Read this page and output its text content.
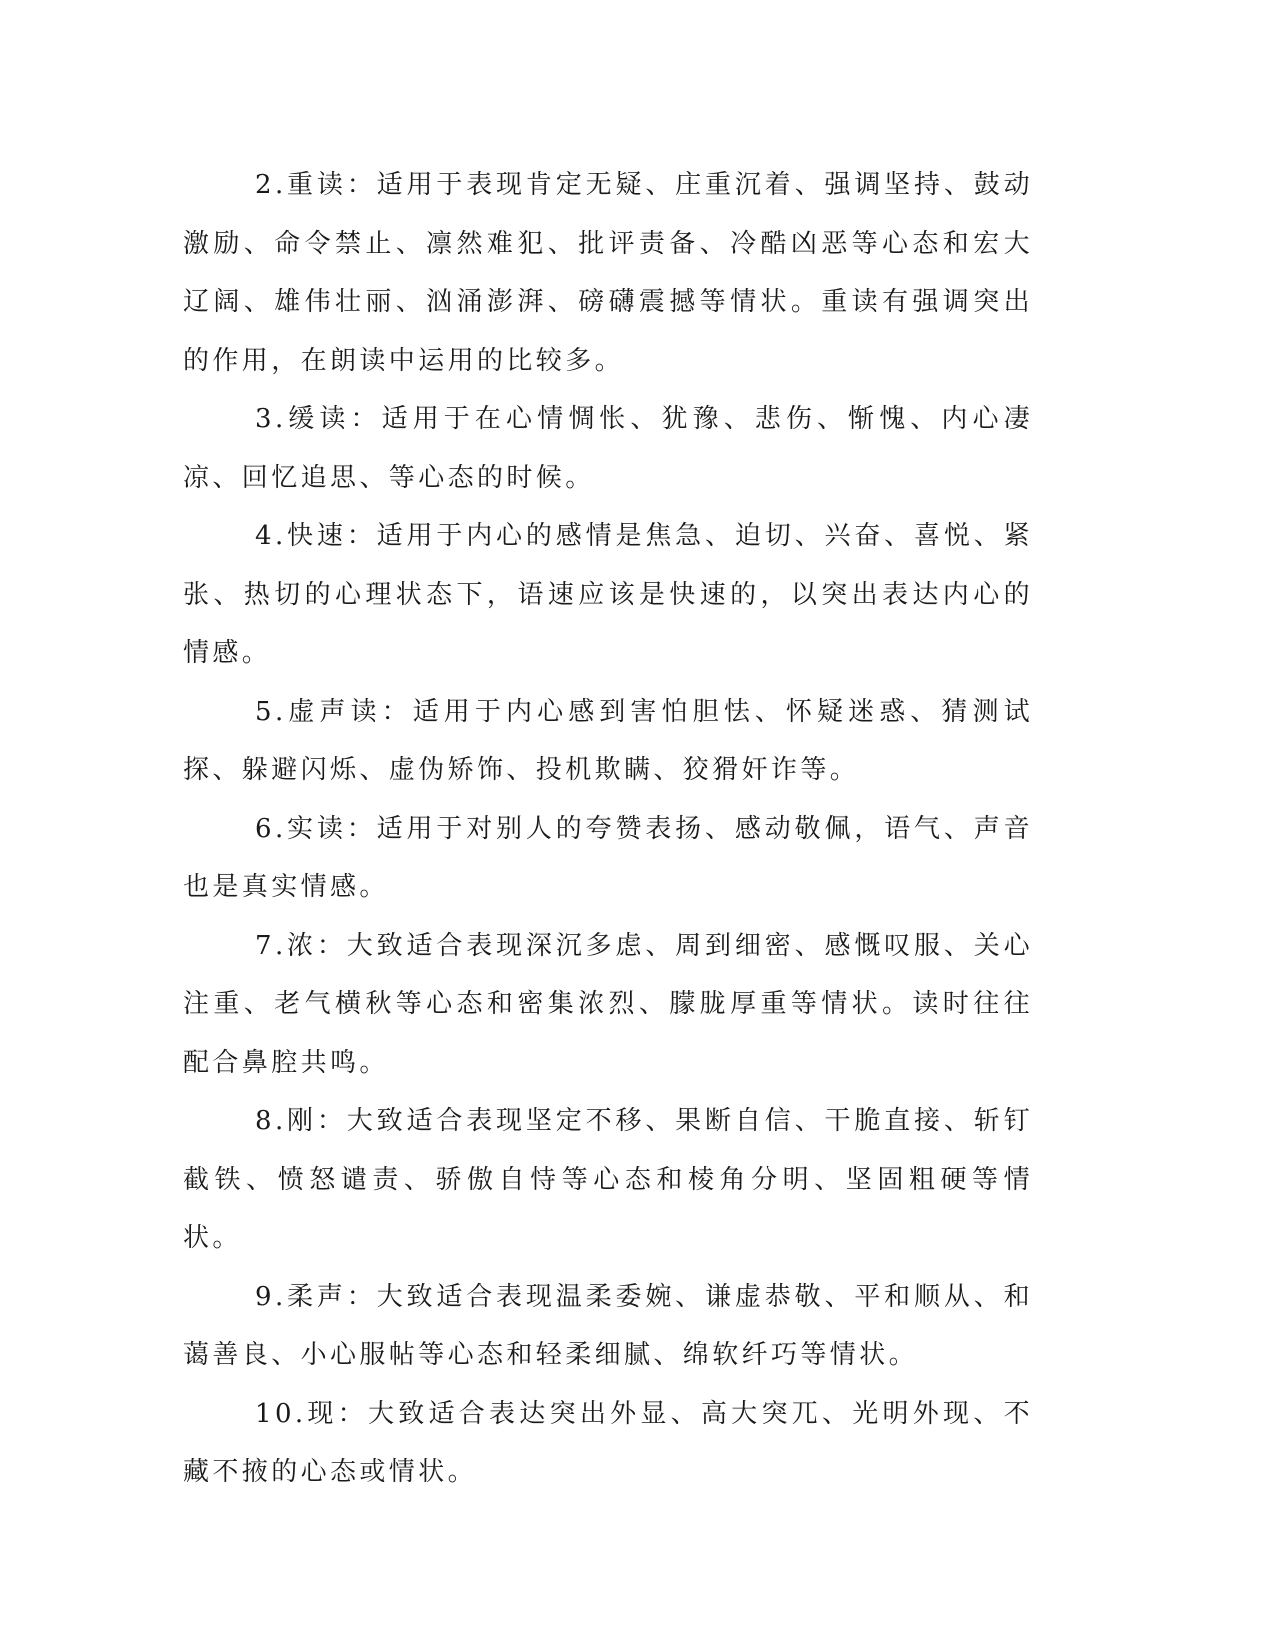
2.重读：适用于表现肯定无疑、庄重沉着、强调坚持、鼓动激励、命令禁止、凛然难犯、批评责备、冷酷凶恶等心态和宏大辽阔、雄伟壮丽、汹涌澎湃、磅礴震撼等情状。重读有强调突出的作用，在朗读中运用的比较多。

3.缓读：适用于在心情惆怅、犹豫、悲伤、惭愧、内心凄凉、回忆追思、等心态的时候。

4.快速：适用于内心的感情是焦急、迫切、兴奋、喜悦、紧张、热切的心理状态下，语速应该是快速的，以突出表达内心的情感。

5.虚声读：适用于内心感到害怕胆怯、怀疑迷惑、猜测试探、躲避闪烁、虚伪矫饰、投机欺瞒、狡猾奸诈等。

6.实读：适用于对别人的夸赞表扬、感动敬佩，语气、声音也是真实情感。

7.浓：大致适合表现深沉多虑、周到细密、感慨叹服、关心注重、老气横秋等心态和密集浓烈、朦胧厚重等情状。读时往往配合鼻腔共鸣。

8.刚：大致适合表现坚定不移、果断自信、干脆直接、斩钉截铁、愤怒谴责、骄傲自恃等心态和棱角分明、坚固粗硬等情状。

9.柔声：大致适合表现温柔委婉、谦虚恭敬、平和顺从、和蔼善良、小心服帖等心态和轻柔细腻、绵软纤巧等情状。

10.现：大致适合表达突出外显、高大突兀、光明外现、不藏不掖的心态或情状。
